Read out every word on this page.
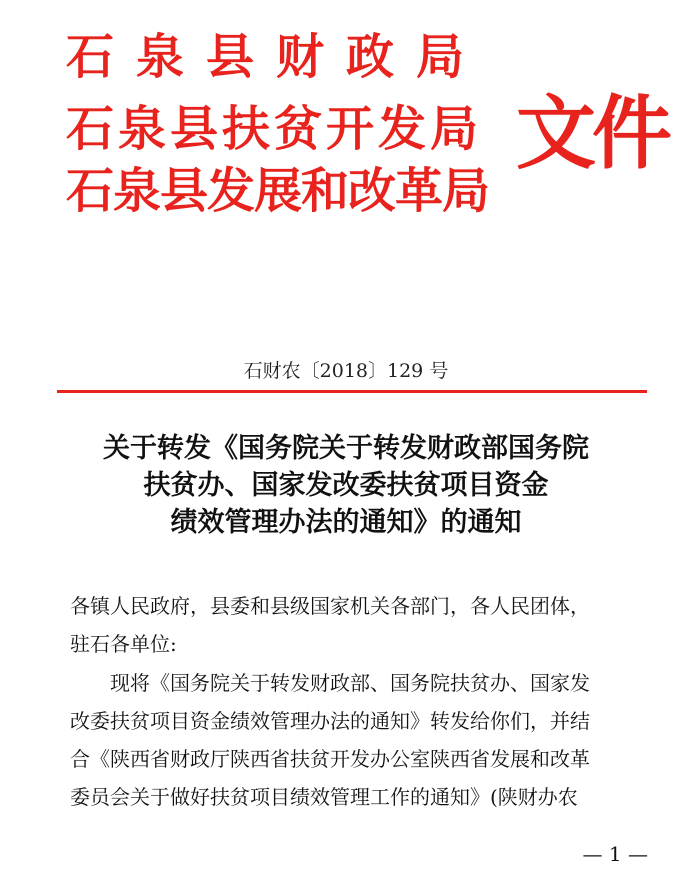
石泉县财政局
石泉县扶贫开发局
石泉县发展和改革局
文件
石财农〔2018〕129 号
关于转发《国务院关于转发财政部国务院
扶贫办、国家发改委扶贫项目资金
绩效管理办法的通知》的通知
各镇人民政府，县委和县级国家机关各部门，各人民团体，
驻石各单位:
现将《国务院关于转发财政部、国务院扶贫办、国家发
改委扶贫项目资金绩效管理办法的通知》转发给你们，并结
合《陕西省财政厅陕西省扶贫开发办公室陕西省发展和改革
委员会关于做好扶贫项目绩效管理工作的通知》(陕财办农
— 1 —
